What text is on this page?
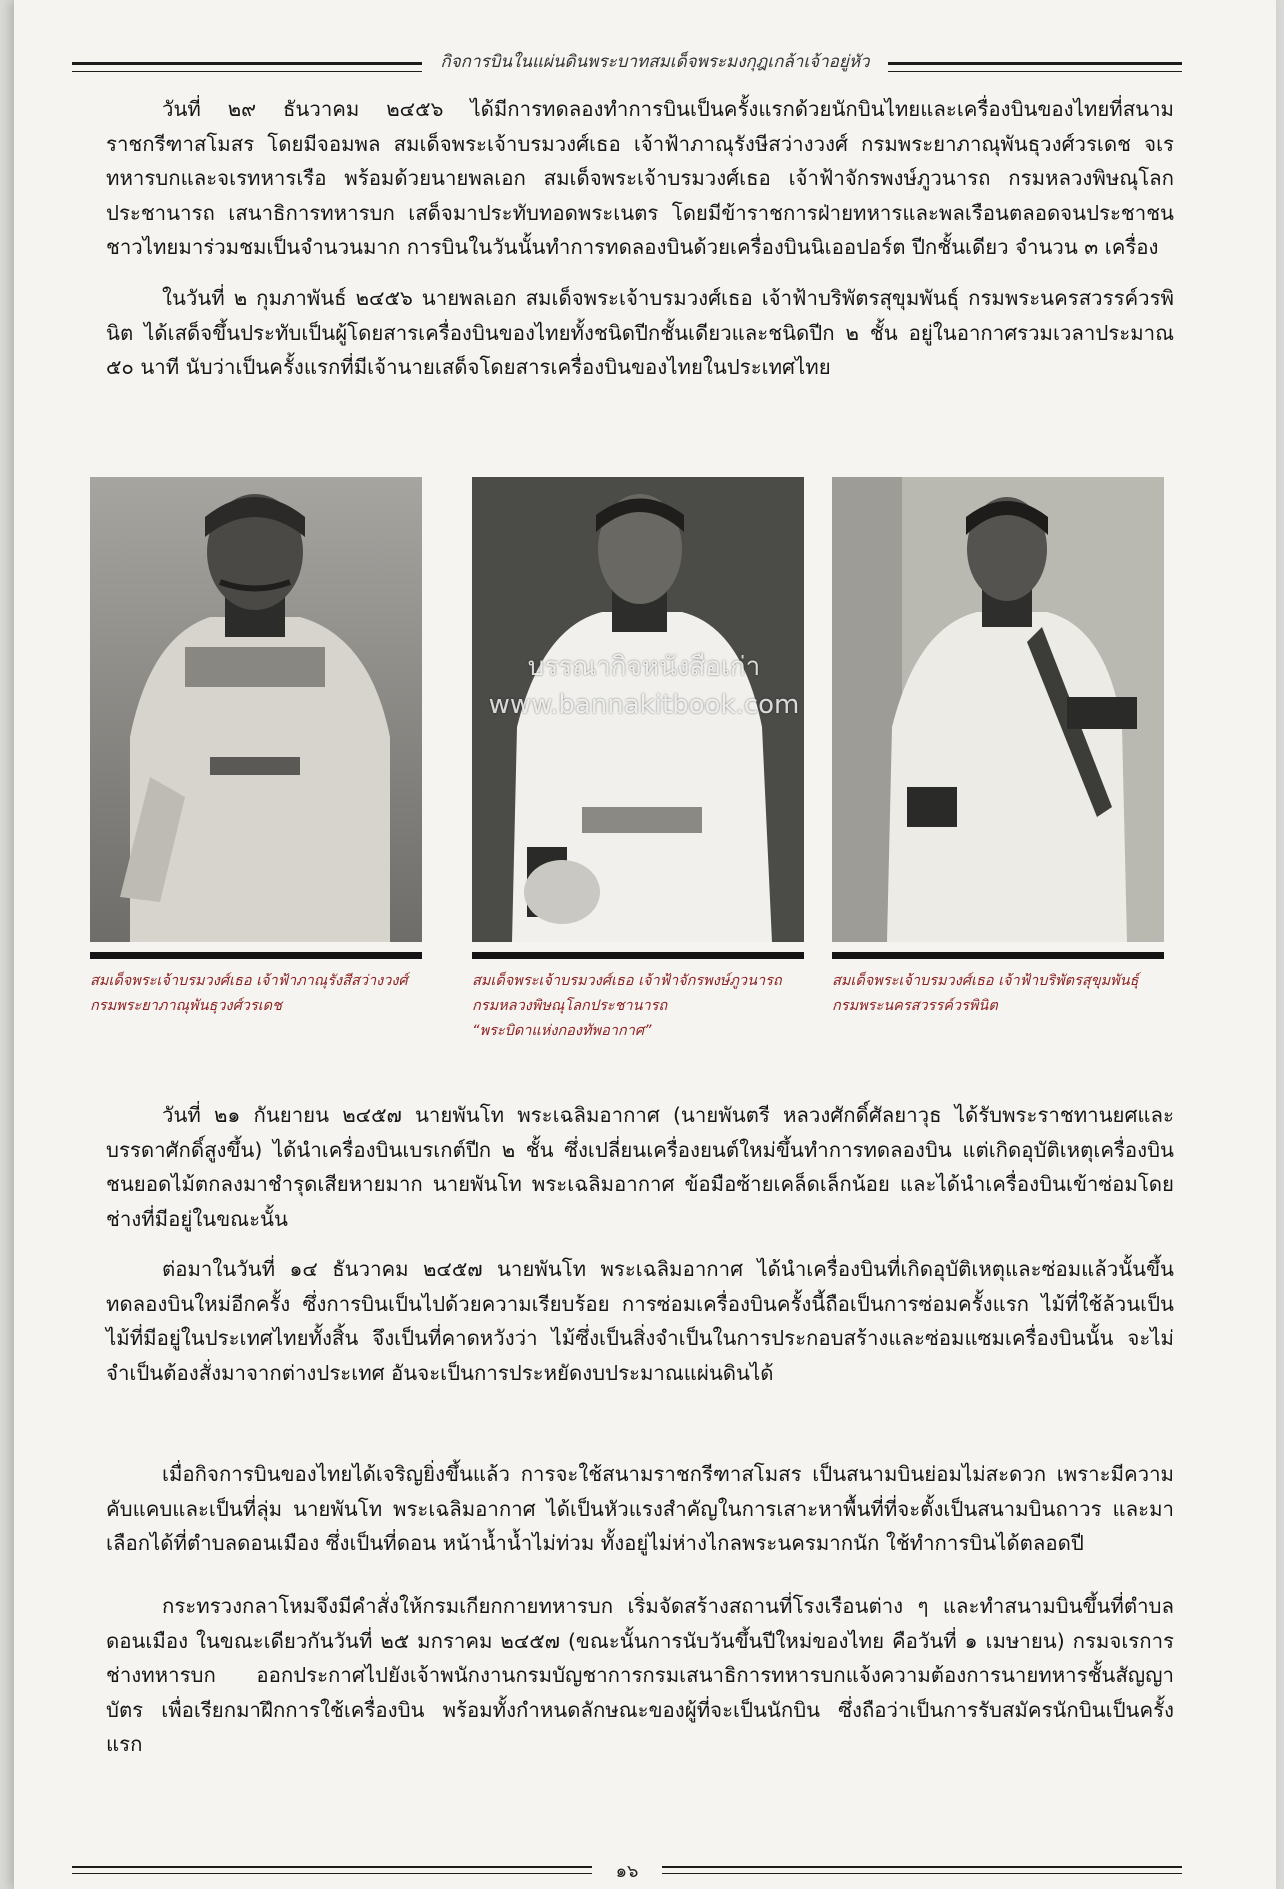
กิจการบินในแผ่นดินพระบาทสมเด็จพระมงกุฎเกล้าเจ้าอยู่หัว

วันที่ ๒๙ ธันวาคม ๒๔๕๖ ได้มีการทดลองทำการบินเป็นครั้งแรกด้วยนักบินไทยและเครื่องบินของไทยที่สนามราชกรีฑาสโมสร โดยมีจอมพล สมเด็จพระเจ้าบรมวงศ์เธอ เจ้าฟ้าภาณุรังษีสว่างวงศ์ กรมพระยาภาณุพันธุวงศ์วรเดช จเรทหารบกและจเรทหารเรือ พร้อมด้วยนายพลเอก สมเด็จพระเจ้าบรมวงศ์เธอ เจ้าฟ้าจักรพงษ์ภูวนารถ กรมหลวงพิษณุโลกประชานารถ เสนาธิการทหารบก เสด็จมาประทับทอดพระเนตร โดยมีข้าราชการฝ่ายทหารและพลเรือนตลอดจนประชาชนชาวไทยมาร่วมชมเป็นจำนวนมาก การบินในวันนั้นทำการทดลองบินด้วยเครื่องบินนิเออปอร์ต ปีกชั้นเดียว จำนวน ๓ เครื่อง

ในวันที่ ๒ กุมภาพันธ์ ๒๔๕๖ นายพลเอก สมเด็จพระเจ้าบรมวงศ์เธอ เจ้าฟ้าบริพัตรสุขุมพันธุ์ กรมพระนครสวรรค์วรพินิต ได้เสด็จขึ้นประทับเป็นผู้โดยสารเครื่องบินของไทยทั้งชนิดปีกชั้นเดียวและชนิดปีก ๒ ชั้น อยู่ในอากาศรวมเวลาประมาณ ๕๐ นาที นับว่าเป็นครั้งแรกที่มีเจ้านายเสด็จโดยสารเครื่องบินของไทยในประเทศไทย

สมเด็จพระเจ้าบรมวงศ์เธอ เจ้าฟ้าภาณุรังสีสว่างวงศ์
กรมพระยาภาณุพันธุวงศ์วรเดช
สมเด็จพระเจ้าบรมวงศ์เธอ เจ้าฟ้าจักรพงษ์ภูวนารถ
กรมหลวงพิษณุโลกประชานารถ
“พระบิดาแห่งกองทัพอากาศ”
สมเด็จพระเจ้าบรมวงศ์เธอ เจ้าฟ้าบริพัตรสุขุมพันธุ์
กรมพระนครสวรรค์วรพินิต
บรรณากิจหนังสือเก่า
www.bannakitbook.com

วันที่ ๒๑ กันยายน ๒๔๕๗ นายพันโท พระเฉลิมอากาศ (นายพันตรี หลวงศักดิ์ศัลยาวุธ ได้รับพระราชทานยศและบรรดาศักดิ์สูงขึ้น) ได้นำเครื่องบินเบรเกต์ปีก ๒ ชั้น ซึ่งเปลี่ยนเครื่องยนต์ใหม่ขึ้นทำการทดลองบิน แต่เกิดอุบัติเหตุเครื่องบินชนยอดไม้ตกลงมาชำรุดเสียหายมาก นายพันโท พระเฉลิมอากาศ ข้อมือซ้ายเคล็ดเล็กน้อย และได้นำเครื่องบินเข้าซ่อมโดยช่างที่มีอยู่ในขณะนั้น

ต่อมาในวันที่ ๑๔ ธันวาคม ๒๔๕๗ นายพันโท พระเฉลิมอากาศ ได้นำเครื่องบินที่เกิดอุบัติเหตุและซ่อมแล้วนั้นขึ้นทดลองบินใหม่อีกครั้ง ซึ่งการบินเป็นไปด้วยความเรียบร้อย การซ่อมเครื่องบินครั้งนี้ถือเป็นการซ่อมครั้งแรก ไม้ที่ใช้ล้วนเป็นไม้ที่มีอยู่ในประเทศไทยทั้งสิ้น จึงเป็นที่คาดหวังว่า ไม้ซึ่งเป็นสิ่งจำเป็นในการประกอบสร้างและซ่อมแซมเครื่องบินนั้น จะไม่จำเป็นต้องสั่งมาจากต่างประเทศ อันจะเป็นการประหยัดงบประมาณแผ่นดินได้

เมื่อกิจการบินของไทยได้เจริญยิ่งขึ้นแล้ว การจะใช้สนามราชกรีฑาสโมสร เป็นสนามบินย่อมไม่สะดวก เพราะมีความคับแคบและเป็นที่ลุ่ม นายพันโท พระเฉลิมอากาศ ได้เป็นหัวแรงสำคัญในการเสาะหาพื้นที่ที่จะตั้งเป็นสนามบินถาวร และมาเลือกได้ที่ตำบลดอนเมือง ซึ่งเป็นที่ดอน หน้าน้ำน้ำไม่ท่วม ทั้งอยู่ไม่ห่างไกลพระนครมากนัก ใช้ทำการบินได้ตลอดปี

กระทรวงกลาโหมจึงมีคำสั่งให้กรมเกียกกายทหารบก เริ่มจัดสร้างสถานที่โรงเรือนต่าง ๆ และทำสนามบินขึ้นที่ตำบลดอนเมือง ในขณะเดียวกันวันที่ ๒๕ มกราคม ๒๔๕๗ (ขณะนั้นการนับวันขึ้นปีใหม่ของไทย คือวันที่ ๑ เมษายน) กรมจเรการช่างทหารบก ออกประกาศไปยังเจ้าพนักงานกรมบัญชาการกรมเสนาธิการทหารบกแจ้งความต้องการนายทหารชั้นสัญญาบัตร เพื่อเรียกมาฝึกการใช้เครื่องบิน พร้อมทั้งกำหนดลักษณะของผู้ที่จะเป็นนักบิน ซึ่งถือว่าเป็นการรับสมัครนักบินเป็นครั้งแรก

๑๖
